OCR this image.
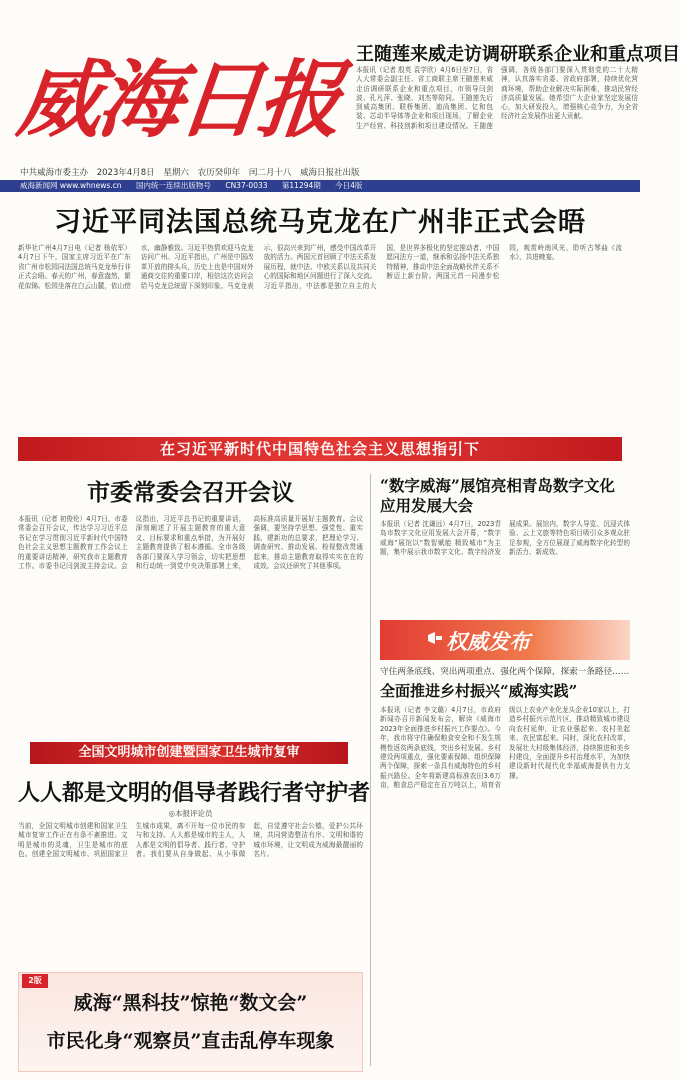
威海日报
中共威海市委主办 2023年4月8日 星期六 农历癸卯年 闰二月十八 威海日报社出版
威海新闻网 www.whnews.cn 国内统一连续出版物号 CN37-0033 第11294期 今日4版
王随莲来威走访调研联系企业和重点项目
本报讯（记者 殷英 袁学欣）4月6日至7日，省人大常委会副主任、省工商联主席王随莲来威走访调研联系企业和重点项目，市领导闫剑波、孔凡萍、张晓、刘杰等陪同。王随莲先后到威高集团、联桥集团、迪尚集团、亿和包装、芯动半导体等企业和项目现场，了解企业生产经营、科技创新和项目建设情况。王随莲强调，各级各部门要深入贯彻党的二十大精神，认真落实省委、省政府部署，持续优化营商环境，帮助企业解决实际困难，推动民营经济高质量发展。她希望广大企业家坚定发展信心，加大研发投入，增强核心竞争力，为全省经济社会发展作出更大贡献。
习近平同法国总统马克龙在广州非正式会晤
新华社广州4月7日电（记者 杨依军）4月7日下午，国家主席习近平在广东省广州市松园同法国总统马克龙举行非正式会晤。春天的广州，春意盎然，繁花似锦。松园坐落在白云山麓，依山傍水，幽静雅致。习近平热情欢迎马克龙访问广州。习近平指出，广州是中国改革开放的排头兵，历史上也是中国对外通商交往的重要口岸，相信这次访问会给马克龙总统留下深刻印象。马克龙表示，很高兴来到广州，感受中国改革开放的活力。两国元首回顾了中法关系发展历程，就中法、中欧关系以及共同关心的国际和地区问题进行了深入交流。习近平指出，中法都是独立自主的大国，是世界多极化的坚定推动者，中国愿同法方一道，继承和弘扬中法关系独特精神，推动中法全面战略伙伴关系不断迈上新台阶。两国元首一同漫步松园，观赏岭南风光，聆听古琴曲《流水》，共进晚宴。
在习近平新时代中国特色社会主义思想指引下
市委常委会召开会议
本报讯（记者 初俊伦）4月7日，市委常委会召开会议，传达学习习近平总书记在学习贯彻习近平新时代中国特色社会主义思想主题教育工作会议上的重要讲话精神，研究我市主题教育工作。市委书记闫剑波主持会议。会议指出，习近平总书记的重要讲话，深刻阐述了开展主题教育的重大意义、目标要求和重点举措，为开展好主题教育提供了根本遵循。全市各级各部门要深入学习领会，切实把思想和行动统一到党中央决策部署上来，高标准高质量开展好主题教育。会议强调，要坚持学思想、强党性、重实践、建新功的总要求，把理论学习、调查研究、推动发展、检视整改贯通起来，推动主题教育取得实实在在的成效。会议还研究了其他事项。
全国文明城市创建暨国家卫生城市复审
人人都是文明的倡导者践行者守护者
◎本报评论员
当前，全国文明城市创建和国家卫生城市复审工作正在有条不紊推进。文明是城市的灵魂，卫生是城市的底色。创建全国文明城市、巩固国家卫生城市成果，离不开每一位市民的参与和支持。人人都是城市的主人，人人都是文明的倡导者、践行者、守护者。我们要从自身做起、从小事做起，自觉遵守社会公德，爱护公共环境，共同营造整洁有序、文明和谐的城市环境，让文明成为威海最靓丽的名片。
2版
威海“黑科技”惊艳“数文会”
市民化身“观察员”直击乱停车现象
“数字威海”展馆亮相青岛数字文化应用发展大会
本报讯（记者 沈谦远）4月7日，2023青岛市数字文化应用发展大会开幕，“数字威海”展馆以“数智赋能 精致城市”为主题，集中展示我市数字文化、数字经济发展成果。展馆内，数字人导览、沉浸式体验、云上文旅等特色项目吸引众多观众驻足参观，全方位展现了威海数字化转型的新活力、新成效。
权威发布
守住两条底线、突出两项重点、强化两个保障，探索一条路径……
全面推进乡村振兴“威海实践”
本报讯（记者 李文璐）4月7日，市政府新闻办召开新闻发布会，解读《威海市2023年全面推进乡村振兴工作要点》。今年，我市将守住确保粮食安全和不发生规模性返贫两条底线，突出乡村发展、乡村建设两项重点，强化要素保障、组织保障两个保障，探索一条具有威海特色的乡村振兴路径。全年将新建高标准农田3.6万亩，粮食总产稳定在百万吨以上，培育省级以上农业产业化龙头企业10家以上，打造乡村振兴示范片区，推动精致城市建设向农村延伸，让农业强起来、农村美起来、农民富起来。同时，深化农村改革，发展壮大村级集体经济，持续推进和美乡村建设，全面提升乡村治理水平，为加快建设新时代现代化幸福威海提供有力支撑。
